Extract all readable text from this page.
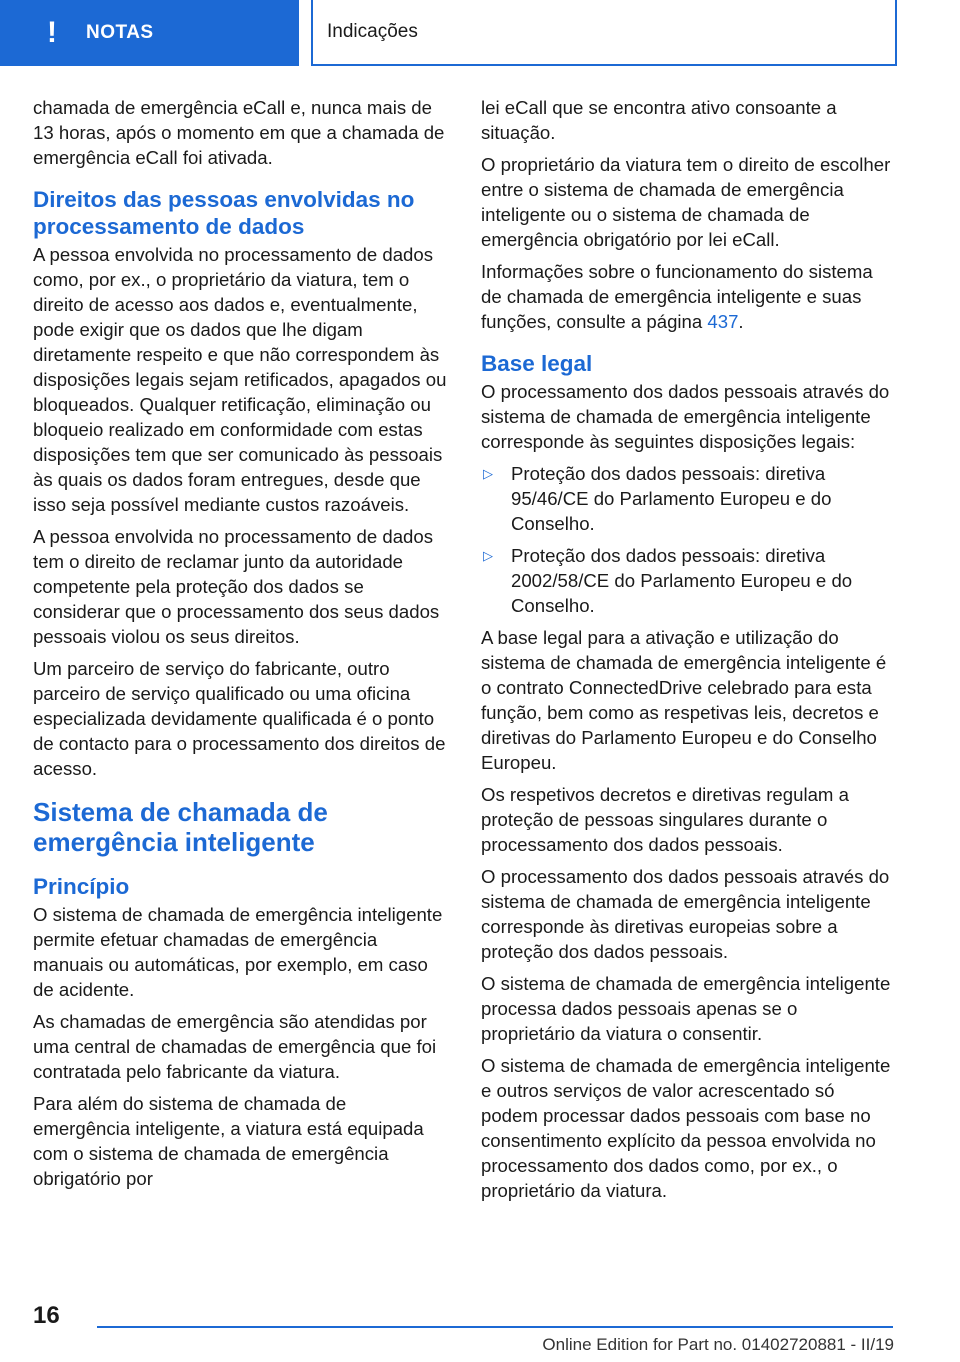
!	NOTAS	Indicações

chamada de emergência eCall e, nunca mais de 13 horas, após o momento em que a chamada de emergência eCall foi ativada.

Direitos das pessoas envolvidas no processamento de dados

A pessoa envolvida no processamento de dados como, por ex., o proprietário da viatura, tem o direito de acesso aos dados e, eventualmente, pode exigir que os dados que lhe digam diretamente respeito e que não correspondem às disposições legais sejam retificados, apagados ou bloqueados. Qualquer retificação, eliminação ou bloqueio realizado em conformidade com estas disposições tem que ser comunicado às pessoais às quais os dados foram entregues, desde que isso seja possível mediante custos razoáveis.

A pessoa envolvida no processamento de dados tem o direito de reclamar junto da autoridade competente pela proteção dos dados se considerar que o processamento dos seus dados pessoais violou os seus direitos.

Um parceiro de serviço do fabricante, outro parceiro de serviço qualificado ou uma oficina especializada devidamente qualificada é o ponto de contacto para o processamento dos direitos de acesso.

Sistema de chamada de emergência inteligente
Princípio

O sistema de chamada de emergência inteligente permite efetuar chamadas de emergência manuais ou automáticas, por exemplo, em caso de acidente.

As chamadas de emergência são atendidas por uma central de chamadas de emergência que foi contratada pelo fabricante da viatura.

Para além do sistema de chamada de emergência inteligente, a viatura está equipada com o sistema de chamada de emergência obrigatório por

lei eCall que se encontra ativo consoante a situação.

O proprietário da viatura tem o direito de escolher entre o sistema de chamada de emergência inteligente ou o sistema de chamada de emergência obrigatório por lei eCall.

Informações sobre o funcionamento do sistema de chamada de emergência inteligente e suas funções, consulte a página 437.

Base legal

O processamento dos dados pessoais através do sistema de chamada de emergência inteligente corresponde às seguintes disposições legais:

▷ Proteção dos dados pessoais: diretiva 95/46/CE do Parlamento Europeu e do Conselho.
▷ Proteção dos dados pessoais: diretiva 2002/58/CE do Parlamento Europeu e do Conselho.

A base legal para a ativação e utilização do sistema de chamada de emergência inteligente é o contrato ConnectedDrive celebrado para esta função, bem como as respetivas leis, decretos e diretivas do Parlamento Europeu e do Conselho Europeu.

Os respetivos decretos e diretivas regulam a proteção de pessoas singulares durante o processamento dos dados pessoais.

O processamento dos dados pessoais através do sistema de chamada de emergência inteligente corresponde às diretivas europeias sobre a proteção dos dados pessoais.

O sistema de chamada de emergência inteligente processa dados pessoais apenas se o proprietário da viatura o consentir.

O sistema de chamada de emergência inteligente e outros serviços de valor acrescentado só podem processar dados pessoais com base no consentimento explícito da pessoa envolvida no processamento dos dados como, por ex., o proprietário da viatura.

16
Online Edition for Part no. 01402720881 - II/19
